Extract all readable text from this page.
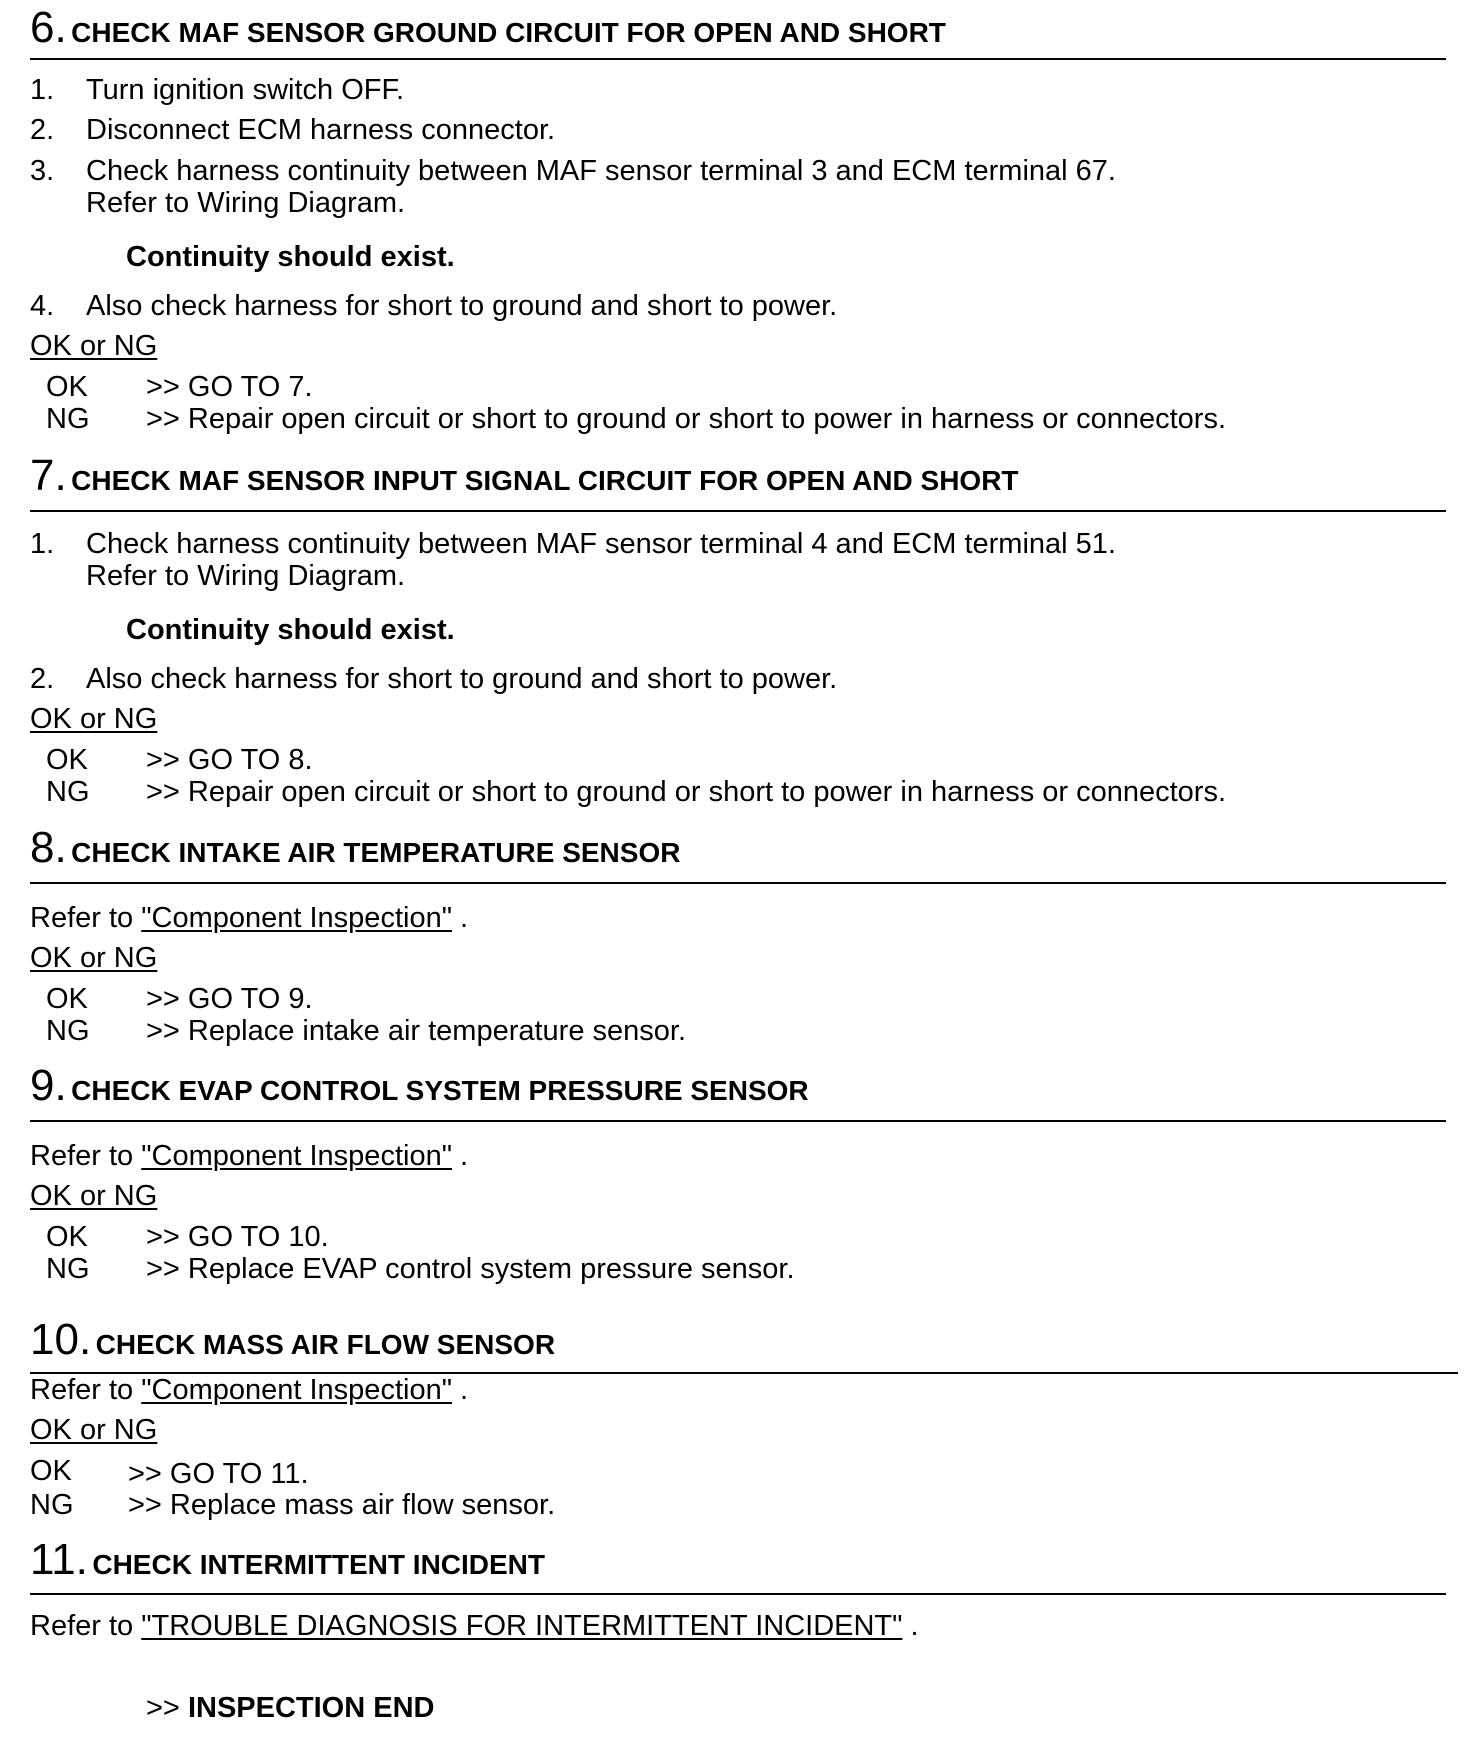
6. CHECK MAF SENSOR GROUND CIRCUIT FOR OPEN AND SHORT
1. Turn ignition switch OFF.
2. Disconnect ECM harness connector.
3. Check harness continuity between MAF sensor terminal 3 and ECM terminal 67.
Refer to Wiring Diagram.
Continuity should exist.
4. Also check harness for short to ground and short to power.
OK or NG
OK >> GO TO 7.
NG >> Repair open circuit or short to ground or short to power in harness or connectors.
7. CHECK MAF SENSOR INPUT SIGNAL CIRCUIT FOR OPEN AND SHORT
1. Check harness continuity between MAF sensor terminal 4 and ECM terminal 51.
Refer to Wiring Diagram.
Continuity should exist.
2. Also check harness for short to ground and short to power.
OK or NG
OK >> GO TO 8.
NG >> Repair open circuit or short to ground or short to power in harness or connectors.
8. CHECK INTAKE AIR TEMPERATURE SENSOR
Refer to "Component Inspection" .
OK or NG
OK >> GO TO 9.
NG >> Replace intake air temperature sensor.
9. CHECK EVAP CONTROL SYSTEM PRESSURE SENSOR
Refer to "Component Inspection" .
OK or NG
OK >> GO TO 10.
NG >> Replace EVAP control system pressure sensor.
10. CHECK MASS AIR FLOW SENSOR
Refer to "Component Inspection" .
OK or NG
OK >> GO TO 11.
NG >> Replace mass air flow sensor.
11. CHECK INTERMITTENT INCIDENT
Refer to "TROUBLE DIAGNOSIS FOR INTERMITTENT INCIDENT" .
>> INSPECTION END
